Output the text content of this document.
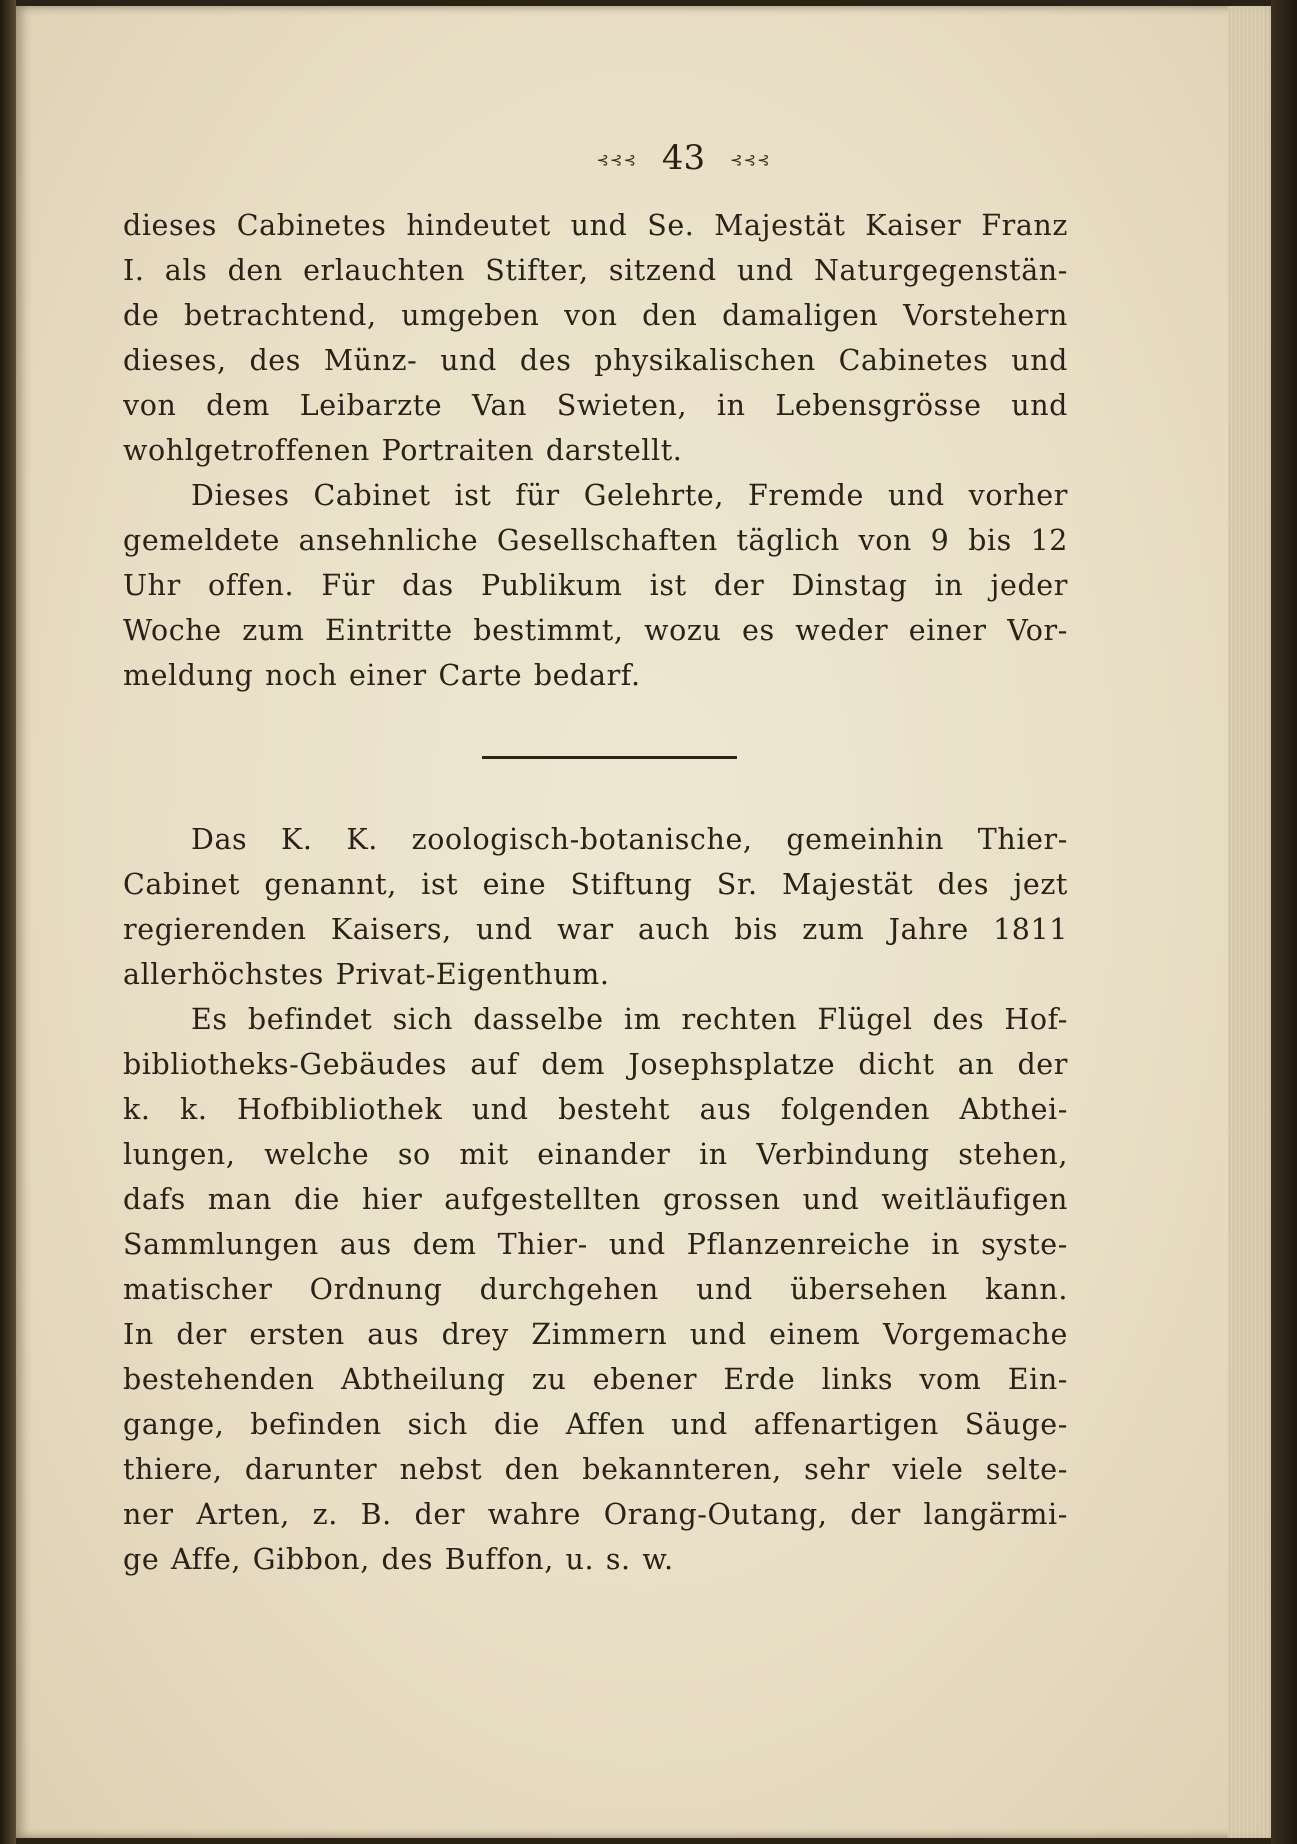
⊰⊰⊰ 43 ⊰⊰⊰
dieses Cabinetes hindeutet und Se. Majestät Kaiser Franz
I. als den erlauchten Stifter, sitzend und Naturgegenstän-
de betrachtend, umgeben von den damaligen Vorstehern
dieses, des Münz- und des physikalischen Cabinetes und
von dem Leibarzte Van Swieten, in Lebensgrösse und
wohlgetroffenen Portraiten darstellt.
Dieses Cabinet ist für Gelehrte, Fremde und vorher
gemeldete ansehnliche Gesellschaften täglich von 9 bis 12
Uhr offen. Für das Publikum ist der Dinstag in jeder
Woche zum Eintritte bestimmt, wozu es weder einer Vor-
meldung noch einer Carte bedarf.
Das K. K. zoologisch-botanische, gemeinhin Thier-
Cabinet genannt, ist eine Stiftung Sr. Majestät des jezt
regierenden Kaisers, und war auch bis zum Jahre 1811
allerhöchstes Privat-Eigenthum.
Es befindet sich dasselbe im rechten Flügel des Hof-
bibliotheks-Gebäudes auf dem Josephsplatze dicht an der
k. k. Hofbibliothek und besteht aus folgenden Abthei-
lungen, welche so mit einander in Verbindung stehen,
dafs man die hier aufgestellten grossen und weitläufigen
Sammlungen aus dem Thier- und Pflanzenreiche in syste-
matischer Ordnung durchgehen und übersehen kann.
In der ersten aus drey Zimmern und einem Vorgemache
bestehenden Abtheilung zu ebener Erde links vom Ein-
gange, befinden sich die Affen und affenartigen Säuge-
thiere, darunter nebst den bekannteren, sehr viele selte-
ner Arten, z. B. der wahre Orang-Outang, der langärmi-
ge Affe, Gibbon, des Buffon, u. s. w.
